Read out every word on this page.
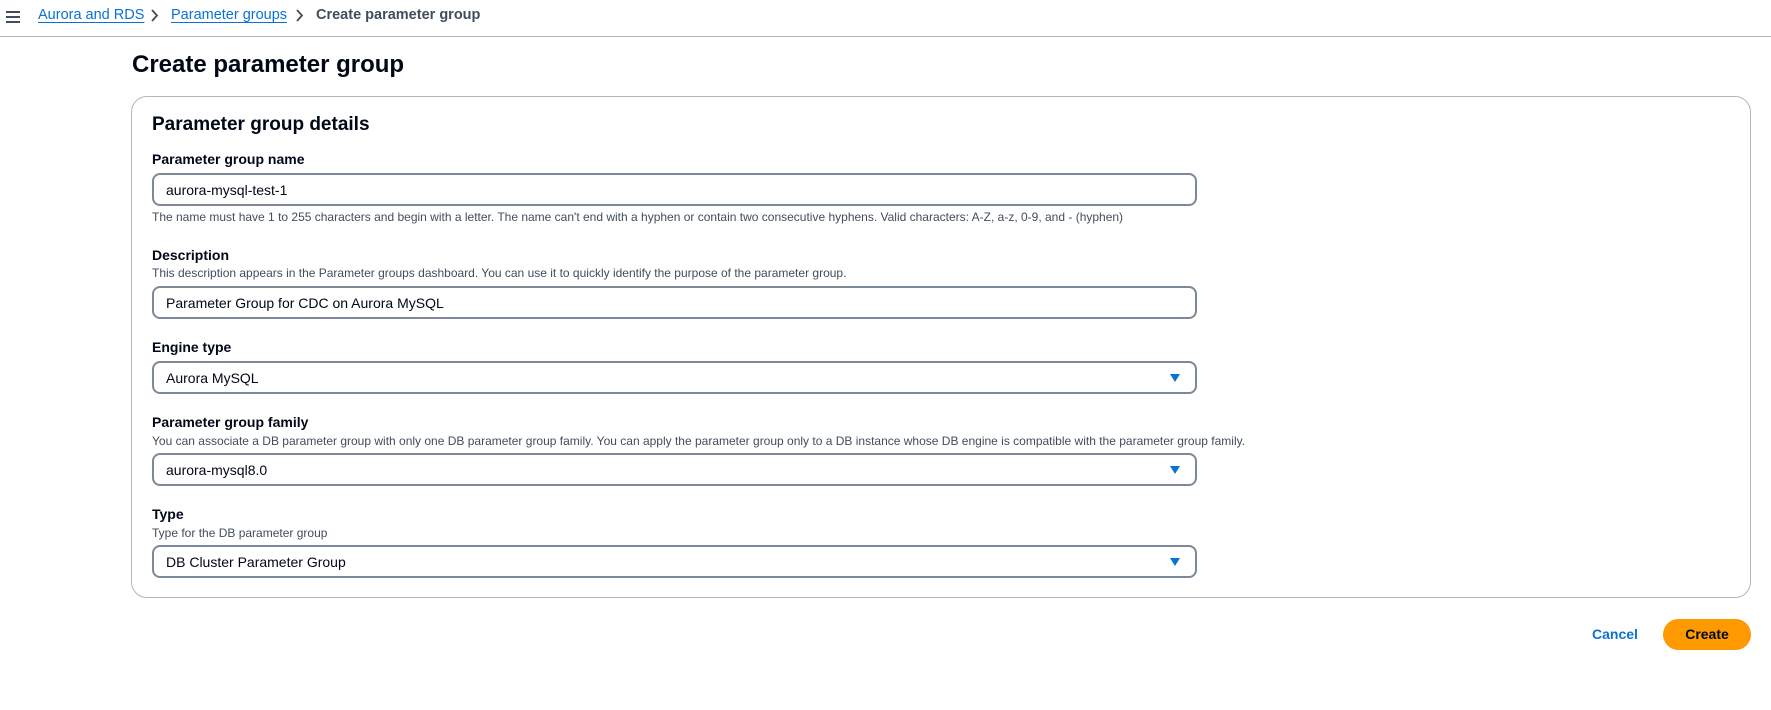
Aurora and RDS Parameter groups Create parameter group
Create parameter group
Parameter group details
Parameter group name
aurora-mysql-test-1
The name must have 1 to 255 characters and begin with a letter. The name can't end with a hyphen or contain two consecutive hyphens. Valid characters: A-Z, a-z, 0-9, and - (hyphen)
Description
This description appears in the Parameter groups dashboard. You can use it to quickly identify the purpose of the parameter group.
Parameter Group for CDC on Aurora MySQL
Engine type
Aurora MySQL
Parameter group family
You can associate a DB parameter group with only one DB parameter group family. You can apply the parameter group only to a DB instance whose DB engine is compatible with the parameter group family.
aurora-mysql8.0
Type
Type for the DB parameter group
DB Cluster Parameter Group
Cancel	Create
